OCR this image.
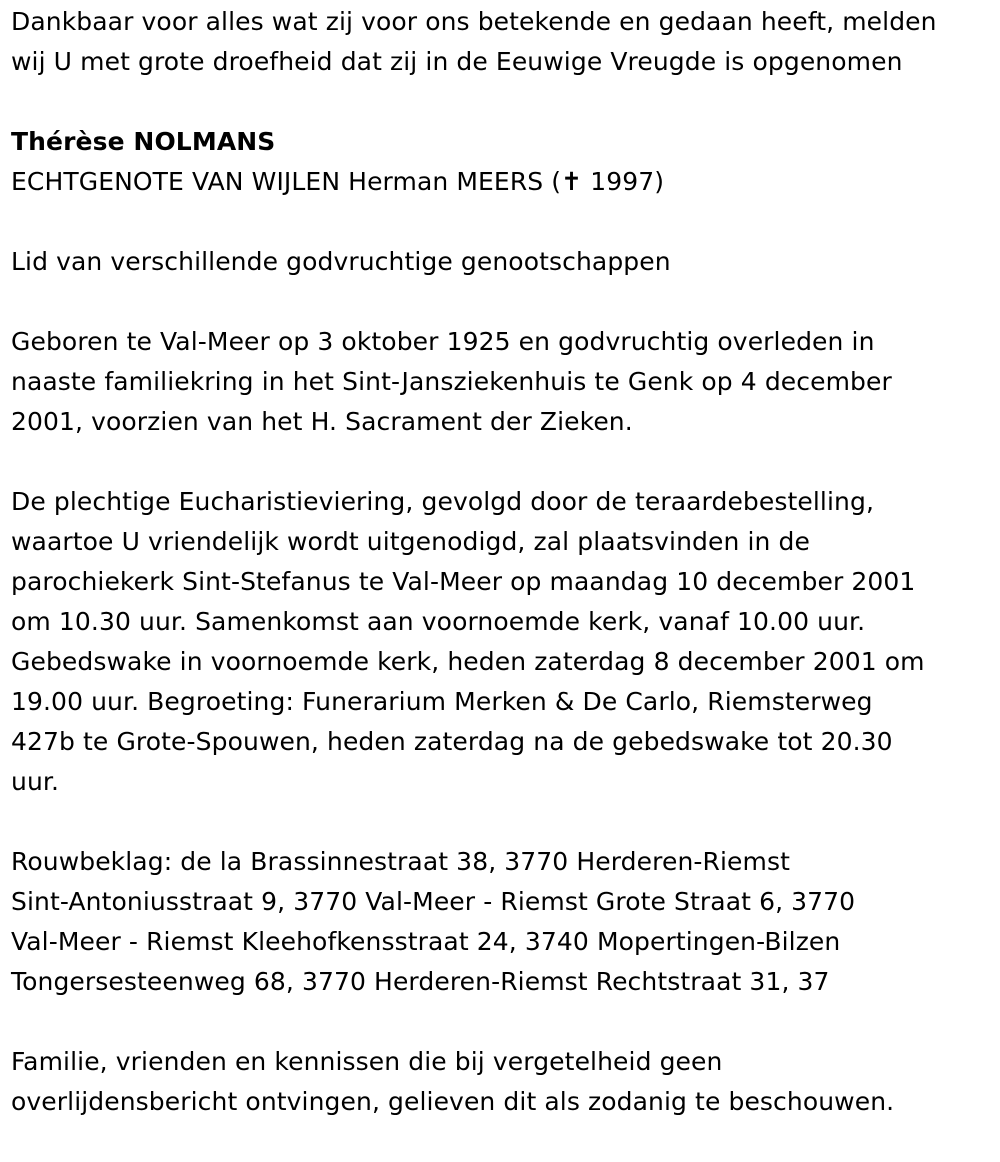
Dankbaar voor alles wat zij voor ons betekende en gedaan heeft, melden
wij U met grote droefheid dat zij in de Eeuwige Vreugde is opgenomen
Thérèse NOLMANS
ECHTGENOTE VAN WIJLEN Herman MEERS (✝ 1997)
Lid van verschillende godvruchtige genootschappen
Geboren te Val-Meer op 3 oktober 1925 en godvruchtig overleden in
naaste familiekring in het Sint-Jansziekenhuis te Genk op 4 december
2001, voorzien van het H. Sacrament der Zieken.
De plechtige Eucharistieviering, gevolgd door de teraardebestelling,
waartoe U vriendelijk wordt uitgenodigd, zal plaatsvinden in de
parochiekerk Sint-Stefanus te Val-Meer op maandag 10 december 2001
om 10.30 uur. Samenkomst aan voornoemde kerk, vanaf 10.00 uur.
Gebedswake in voornoemde kerk, heden zaterdag 8 december 2001 om
19.00 uur. Begroeting: Funerarium Merken & De Carlo, Riemsterweg
427b te Grote-Spouwen, heden zaterdag na de gebedswake tot 20.30
uur.
Rouwbeklag: de la Brassinnestraat 38, 3770 Herderen-Riemst
Sint-Antoniusstraat 9, 3770 Val-Meer - Riemst Grote Straat 6, 3770
Val-Meer - Riemst Kleehofkensstraat 24, 3740 Mopertingen-Bilzen
Tongersesteenweg 68, 3770 Herderen-Riemst Rechtstraat 31, 37
Familie, vrienden en kennissen die bij vergetelheid geen
overlijdensbericht ontvingen, gelieven dit als zodanig te beschouwen.
